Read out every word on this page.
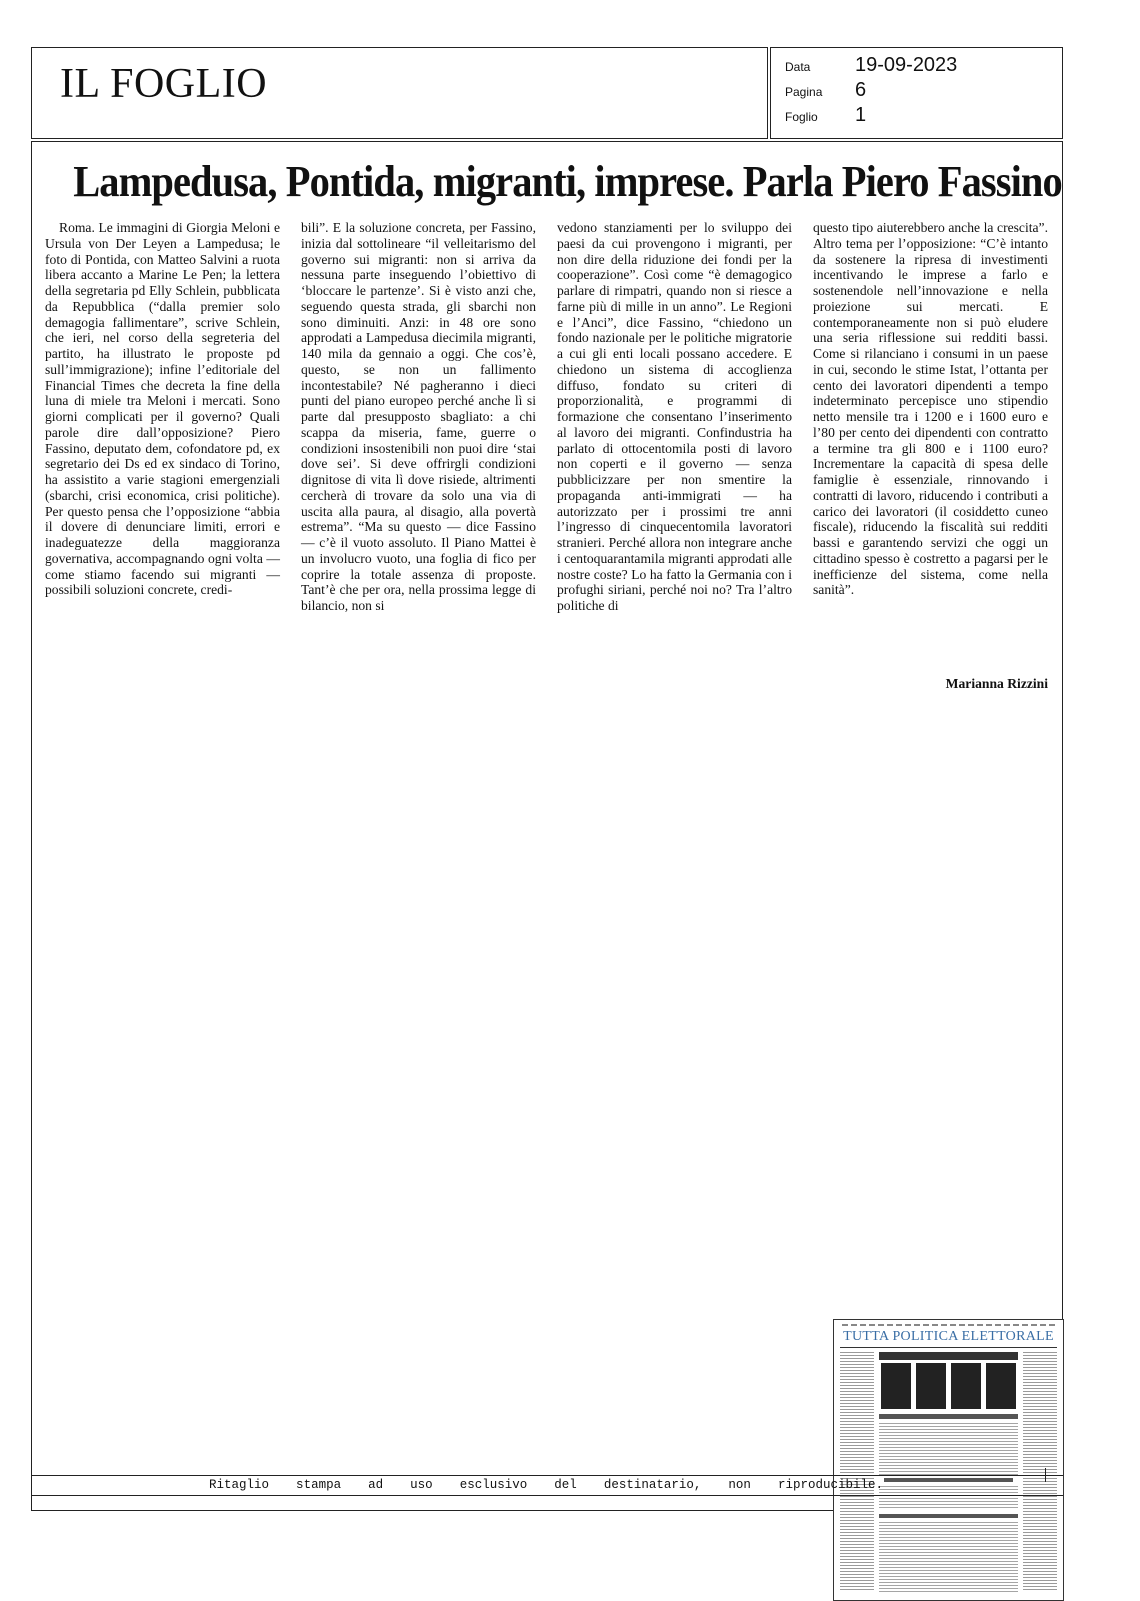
IL FOGLIO	Data	19-09-2023
Pagina	6
Foglio	1
Lampedusa, Pontida, migranti, imprese. Parla Piero Fassino
Roma. Le immagini di Giorgia Meloni e Ursula von Der Leyen a Lampedusa; le foto di Pontida, con Matteo Salvini a ruota libera accanto a Marine Le Pen; la lettera della segretaria pd Elly Schlein, pubblicata da Repubblica (“dalla premier solo demagogia fallimentare”, scrive Schlein, che ieri, nel corso della segreteria del partito, ha illustrato le proposte pd sull’immigrazione); infine l’editoriale del Financial Times che decreta la fine della luna di miele tra Meloni i mercati. Sono giorni complicati per il governo? Quali parole dire dall’opposizione? Piero Fassino, deputato dem, cofondatore pd, ex segretario dei Ds ed ex sindaco di Torino, ha assistito a varie stagioni emergenziali (sbarchi, crisi economica, crisi politiche). Per questo pensa che l’opposizione “abbia il dovere di denunciare limiti, errori e inadeguatezze della maggioranza governativa, accompagnando ogni volta — come stiamo facendo sui migranti — possibili soluzioni concrete, credi-
bili”. E la soluzione concreta, per Fassino, inizia dal sottolineare “il velleitarismo del governo sui migranti: non si arriva da nessuna parte inseguendo l’obiettivo di ‘bloccare le partenze’. Si è visto anzi che, seguendo questa strada, gli sbarchi non sono diminuiti. Anzi: in 48 ore sono approdati a Lampedusa diecimila migranti, 140 mila da gennaio a oggi. Che cos’è, questo, se non un fallimento incontestabile? Né pagheranno i dieci punti del piano europeo perché anche lì si parte dal presupposto sbagliato: a chi scappa da miseria, fame, guerre o condizioni insostenibili non puoi dire ‘stai dove sei’. Si deve offrirgli condizioni dignitose di vita lì dove risiede, altrimenti cercherà di trovare da solo una via di uscita alla paura, al disagio, alla povertà estrema”. “Ma su questo — dice Fassino — c’è il vuoto assoluto. Il Piano Mattei è un involucro vuoto, una foglia di fico per coprire la totale assenza di proposte. Tant’è che per ora, nella prossima legge di bilancio, non si
vedono stanziamenti per lo sviluppo dei paesi da cui provengono i migranti, per non dire della riduzione dei fondi per la cooperazione”. Così come “è demagogico parlare di rimpatri, quando non si riesce a farne più di mille in un anno”. Le Regioni e l’Anci”, dice Fassino, “chiedono un fondo nazionale per le politiche migratorie a cui gli enti locali possano accedere. E chiedono un sistema di accoglienza diffuso, fondato su criteri di proporzionalità, e programmi di formazione che consentano l’inserimento al lavoro dei migranti. Confindustria ha parlato di ottocentomila posti di lavoro non coperti e il governo — senza pubblicizzare per non smentire la propaganda anti-immigrati — ha autorizzato per i prossimi tre anni l’ingresso di cinquecentomila lavoratori stranieri. Perché allora non integrare anche i centoquarantamila migranti approdati alle nostre coste? Lo ha fatto la Germania con i profughi siriani, perché noi no? Tra l’altro politiche di
questo tipo aiuterebbero anche la crescita”. Altro tema per l’opposizione: “C’è intanto da sostenere la ripresa di investimenti incentivando le imprese a farlo e sostenendole nell’innovazione e nella proiezione sui mercati. E contemporaneamente non si può eludere una seria riflessione sui redditi bassi. Come si rilanciano i consumi in un paese in cui, secondo le stime Istat, l’ottanta per cento dei lavoratori dipendenti a tempo indeterminato percepisce uno stipendio netto mensile tra i 1200 e i 1600 euro e l’80 per cento dei dipendenti con contratto a termine tra gli 800 e i 1100 euro? Incrementare la capacità di spesa delle famiglie è essenziale, rinnovando i contratti di lavoro, riducendo i contributi a carico dei lavoratori (il cosiddetto cuneo fiscale), riducendo la fiscalità sui redditi bassi e garantendo servizi che oggi un cittadino spesso è costretto a pagarsi per le inefficienze del sistema, come nella sanità”.
Marianna Rizzini
TUTTA POLITICA ELETTORALE
Ritaglio stampa ad uso esclusivo del destinatario, non riproducibile.
